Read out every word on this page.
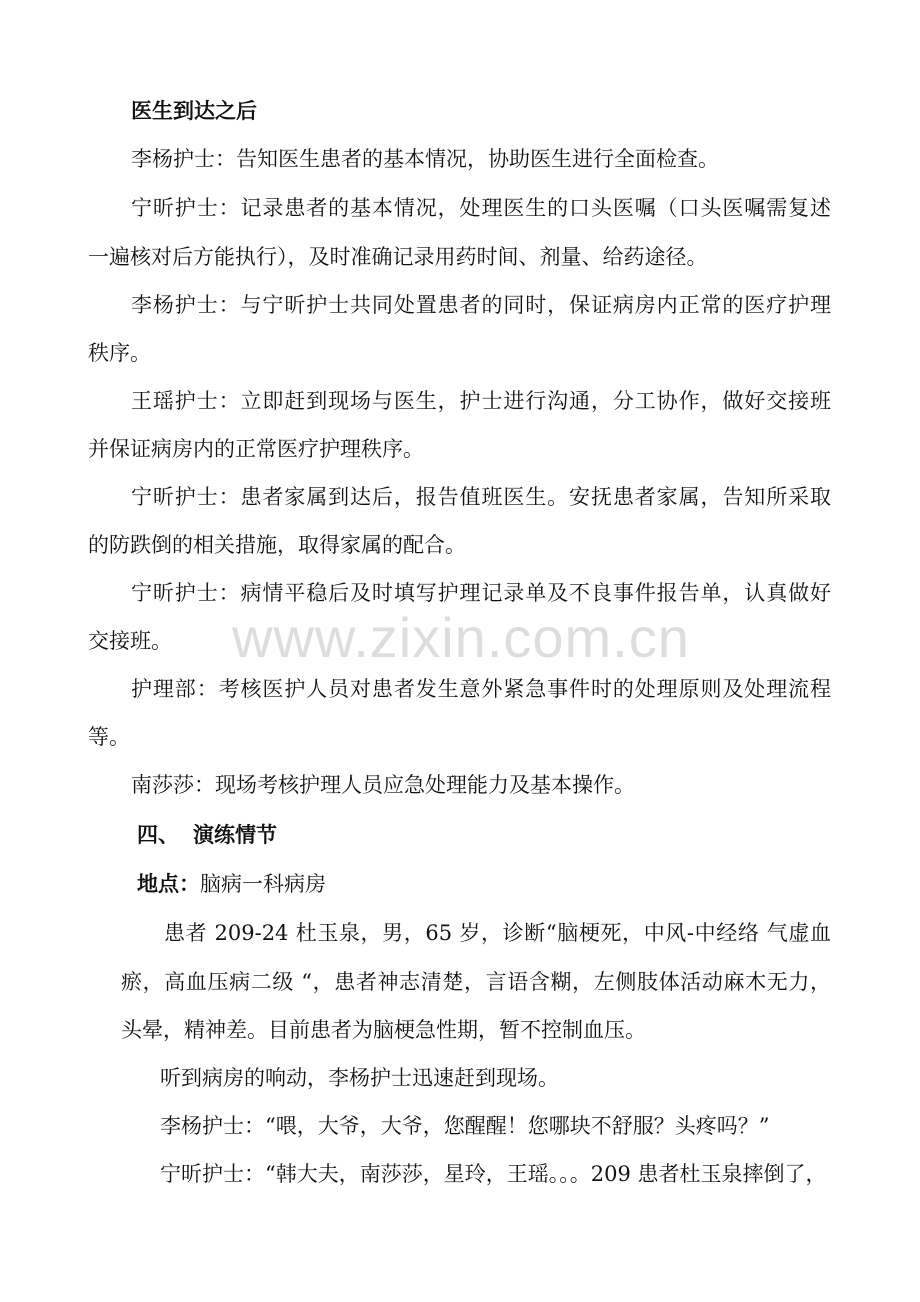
www.zixin.com.cn
医生到达之后
李杨护士：告知医生患者的基本情况，协助医生进行全面检查。
宁昕护士：记录患者的基本情况，处理医生的口头医嘱（口头医嘱需复述
一遍核对后方能执行），及时准确记录用药时间、剂量、给药途径。
李杨护士：与宁昕护士共同处置患者的同时，保证病房内正常的医疗护理
秩序。
王瑶护士：立即赶到现场与医生，护士进行沟通，分工协作，做好交接班
并保证病房内的正常医疗护理秩序。
宁昕护士：患者家属到达后，报告值班医生。安抚患者家属，告知所采取
的防跌倒的相关措施，取得家属的配合。
宁昕护士：病情平稳后及时填写护理记录单及不良事件报告单，认真做好
交接班。
护理部：考核医护人员对患者发生意外紧急事件时的处理原则及处理流程
等。
南莎莎：现场考核护理人员应急处理能力及基本操作。
四、 演练情节
地点：脑病一科病房
患者 209-24 杜玉泉，男，65 岁，诊断“脑梗死，中风-中经络 气虚血
瘀，高血压病二级 “，患者神志清楚，言语含糊，左侧肢体活动麻木无力，
头晕，精神差。目前患者为脑梗急性期，暂不控制血压。
听到病房的响动，李杨护士迅速赶到现场。
李杨护士：“喂，大爷，大爷，您醒醒！您哪块不舒服？头疼吗？”
宁昕护士：“韩大夫，南莎莎，星玲，王瑶。。。209 患者杜玉泉摔倒了，
